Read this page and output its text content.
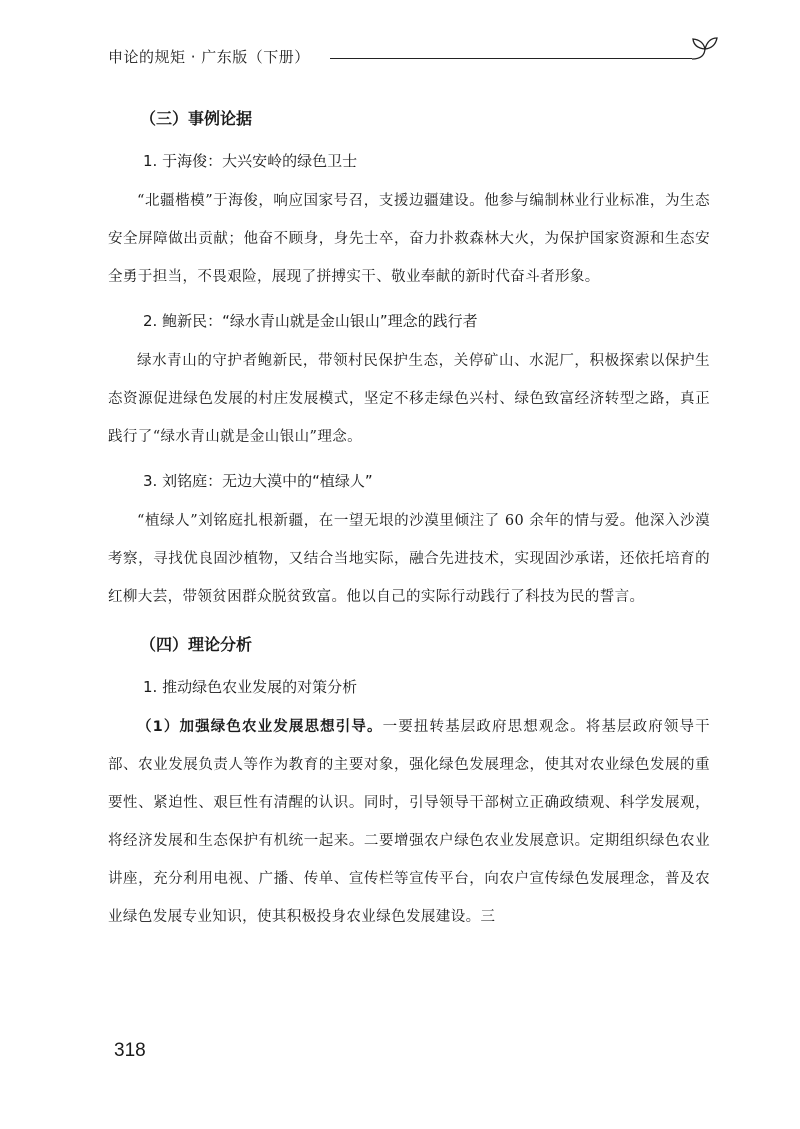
申论的规矩 · 广东版（下册）
（三）事例论据
1. 于海俊：大兴安岭的绿色卫士

“北疆楷模”于海俊，响应国家号召，支援边疆建设。他参与编制林业行业标准，为生态安全屏障做出贡献；他奋不顾身，身先士卒，奋力扑救森林大火，为保护国家资源和生态安全勇于担当，不畏艰险，展现了拼搏实干、敬业奉献的新时代奋斗者形象。

2. 鲍新民：“绿水青山就是金山银山”理念的践行者

绿水青山的守护者鲍新民，带领村民保护生态，关停矿山、水泥厂，积极探索以保护生态资源促进绿色发展的村庄发展模式，坚定不移走绿色兴村、绿色致富经济转型之路，真正践行了“绿水青山就是金山银山”理念。

3. 刘铭庭：无边大漠中的“植绿人”

“植绿人”刘铭庭扎根新疆，在一望无垠的沙漠里倾注了 60 余年的情与爱。他深入沙漠考察，寻找优良固沙植物，又结合当地实际，融合先进技术，实现固沙承诺，还依托培育的红柳大芸，带领贫困群众脱贫致富。他以自己的实际行动践行了科技为民的誓言。

（四）理论分析
1. 推动绿色农业发展的对策分析

（1）加强绿色农业发展思想引导。一要扭转基层政府思想观念。将基层政府领导干部、农业发展负责人等作为教育的主要对象，强化绿色发展理念，使其对农业绿色发展的重要性、紧迫性、艰巨性有清醒的认识。同时，引导领导干部树立正确政绩观、科学发展观，将经济发展和生态保护有机统一起来。二要增强农户绿色农业发展意识。定期组织绿色农业讲座，充分利用电视、广播、传单、宣传栏等宣传平台，向农户宣传绿色发展理念，普及农业绿色发展专业知识，使其积极投身农业绿色发展建设。三

318
